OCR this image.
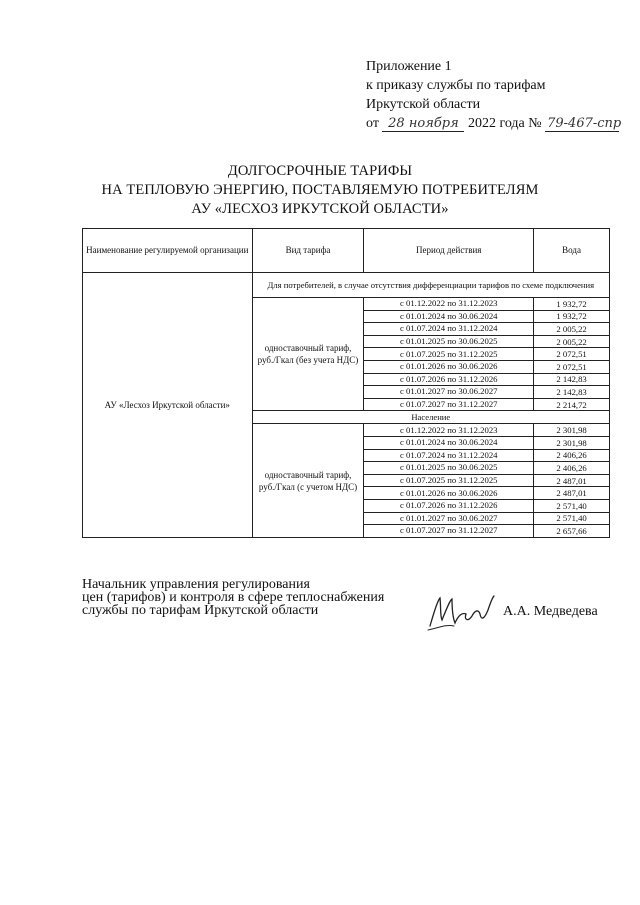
Приложение 1
к приказу службы по тарифам
Иркутской области
от 28 ноября 2022 года № 79-467-спр
ДОЛГОСРОЧНЫЕ ТАРИФЫ
НА ТЕПЛОВУЮ ЭНЕРГИЮ, ПОСТАВЛЯЕМУЮ ПОТРЕБИТЕЛЯМ
АУ «ЛЕСХОЗ ИРКУТСКОЙ ОБЛАСТИ»
Наименование регулируемой организации	Вид тарифа	Период действия	Вода
АУ «Лесхоз Иркутской области»	Для потребителей, в случае отсутствия дифференциации тарифов по схеме подключения		
	одноставочный тариф, руб./Гкал (без учета НДС)	с 01.12.2022 по 31.12.2023	1 932,72
		с 01.01.2024 по 30.06.2024	1 932,72
		с 01.07.2024 по 31.12.2024	2 005,22
		с 01.01.2025 по 30.06.2025	2 005,22
		с 01.07.2025 по 31.12.2025	2 072,51
		с 01.01.2026 по 30.06.2026	2 072,51
		с 01.07.2026 по 31.12.2026	2 142,83
		с 01.01.2027 по 30.06.2027	2 142,83
		с 01.07.2027 по 31.12.2027	2 214,72
	Население		
	одноставочный тариф, руб./Гкал (с учетом НДС)	с 01.12.2022 по 31.12.2023	2 301,98
		с 01.01.2024 по 30.06.2024	2 301,98
		с 01.07.2024 по 31.12.2024	2 406,26
		с 01.01.2025 по 30.06.2025	2 406,26
		с 01.07.2025 по 31.12.2025	2 487,01
		с 01.01.2026 по 30.06.2026	2 487,01
		с 01.07.2026 по 31.12.2026	2 571,40
		с 01.01.2027 по 30.06.2027	2 571,40
		с 01.07.2027 по 31.12.2027	2 657,66
Начальник управления регулирования
цен (тарифов) и контроля в сфере теплоснабжения
службы по тарифам Иркутской области	А.А. Медведева
